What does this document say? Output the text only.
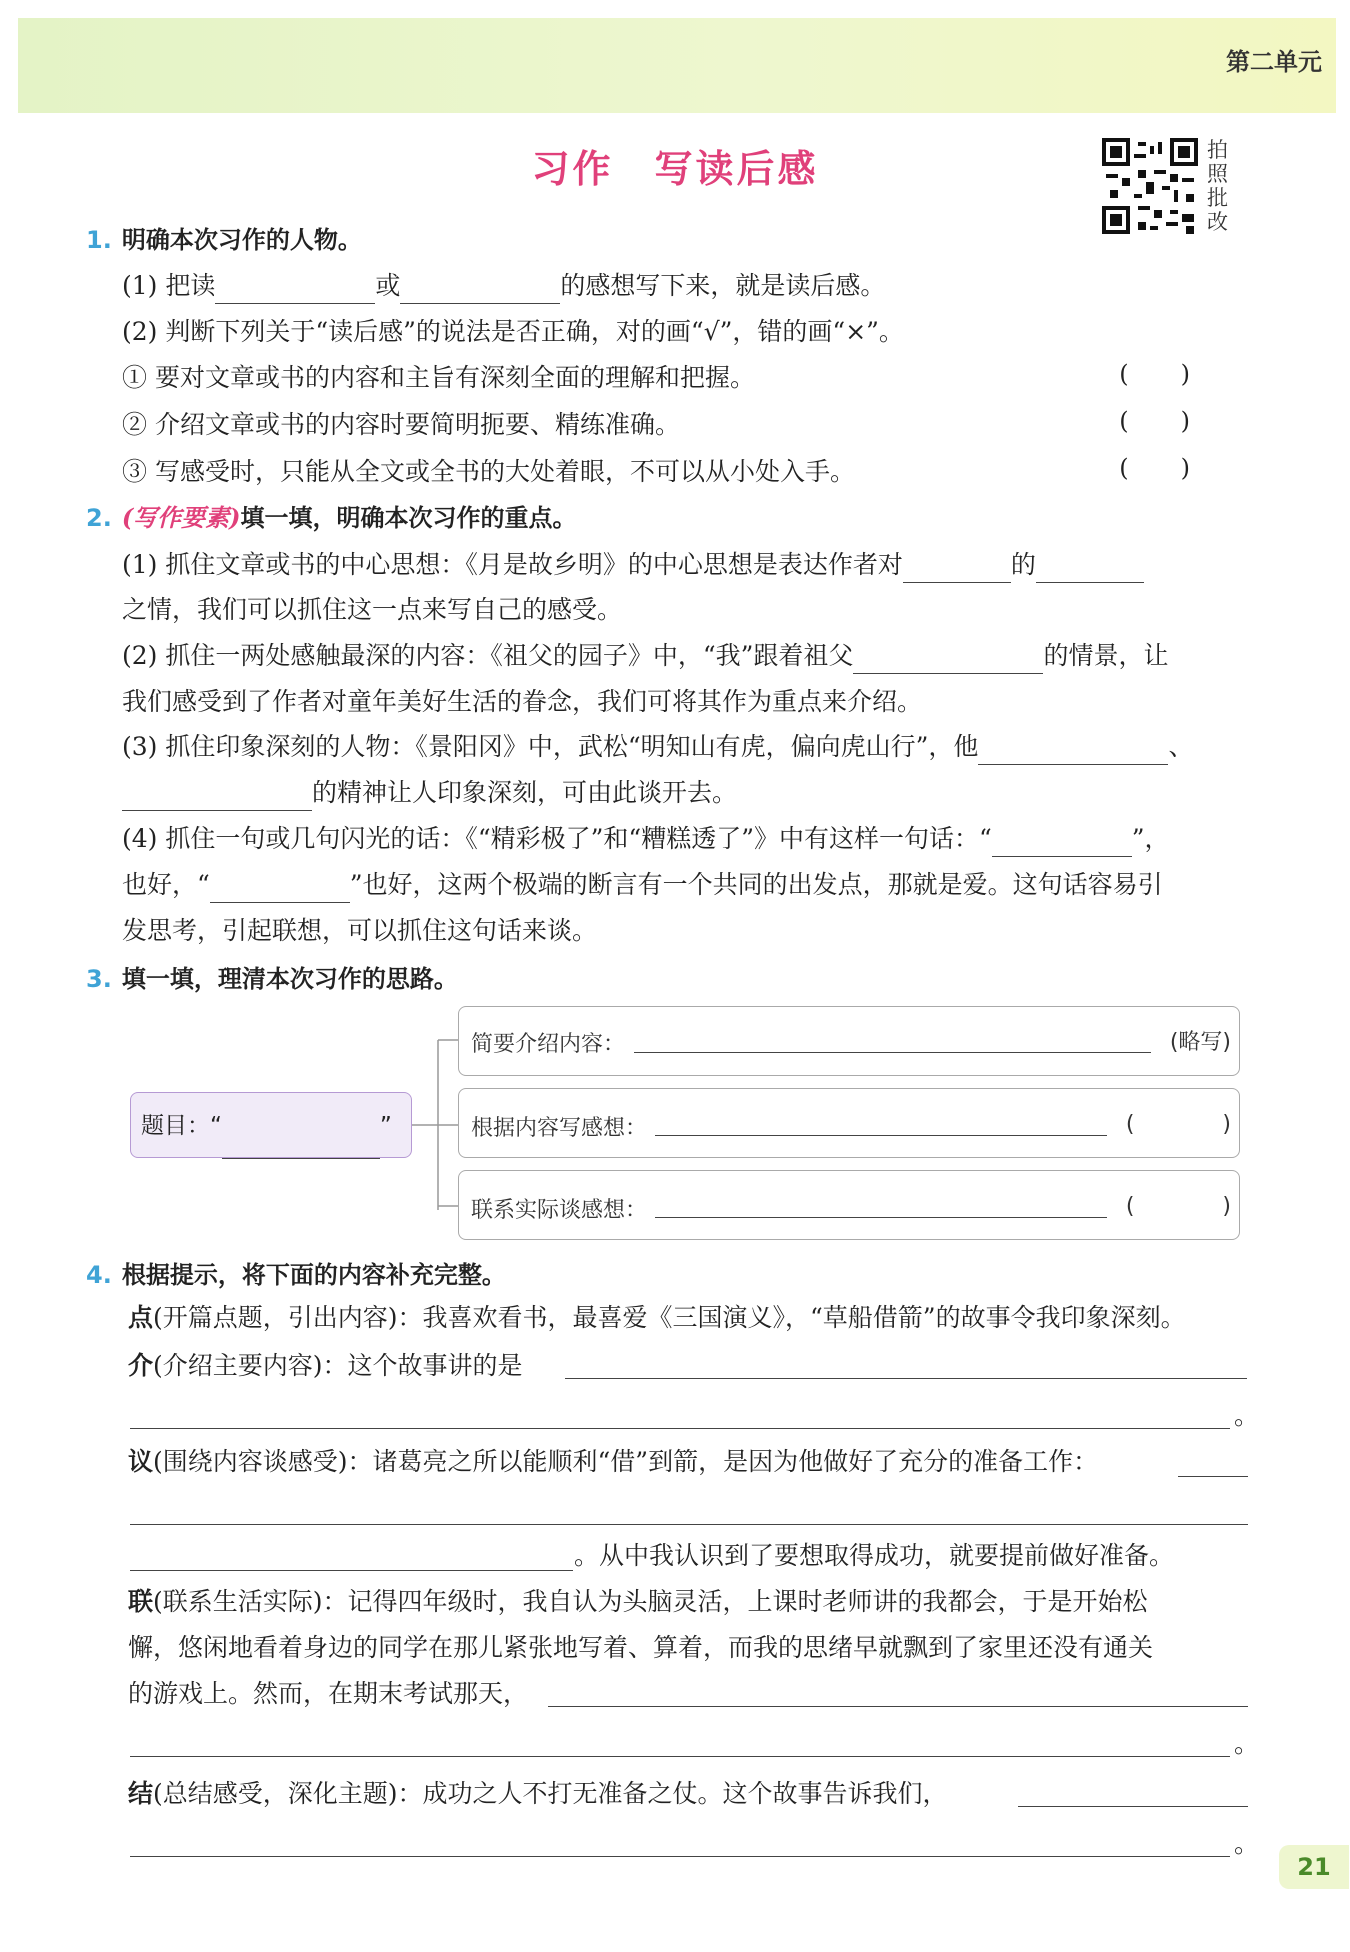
第二单元
习作　写读后感	拍
照
批
改
1. 明确本次习作的人物。
(1) 把读	或	的感想写下来，就是读后感。
(2) 判断下列关于“读后感”的说法是否正确，对的画“√”，错的画“×”。
① 要对文章或书的内容和主旨有深刻全面的理解和把握。	()
② 介绍文章或书的内容时要简明扼要、精练准确。	()
③ 写感受时，只能从全文或全书的大处着眼，不可以从小处入手。	()
2. (写作要素)填一填，明确本次习作的重点。
(1) 抓住文章或书的中心思想：《月是故乡明》的中心思想是表达作者对	的
之情，我们可以抓住这一点来写自己的感受。
(2) 抓住一两处感触最深的内容：《祖父的园子》中，“我”跟着祖父	的情景，让
我们感受到了作者对童年美好生活的眷念，我们可将其作为重点来介绍。
(3) 抓住印象深刻的人物：《景阳冈》中，武松“明知山有虎，偏向虎山行”，他	、
的精神让人印象深刻，可由此谈开去。
(4) 抓住一句或几句闪光的话：《“精彩极了”和“糟糕透了”》中有这样一句话：“	”，
也好，“	”也好，这两个极端的断言有一个共同的出发点，那就是爱。这句话容易引
发思考，引起联想，可以抓住这句话来谈。
3. 填一填，理清本次习作的思路。
题目：“	”
简要介绍内容：	(略写)
根据内容写感想：	(　　　　)
联系实际谈感想：	(　　　　)
4. 根据提示，将下面的内容补充完整。
点(开篇点题，引出内容)：我喜欢看书，最喜爱《三国演义》，“草船借箭”的故事令我印象深刻。
介(介绍主要内容)：这个故事讲的是
。
议(围绕内容谈感受)：诸葛亮之所以能顺利“借”到箭，是因为他做好了充分的准备工作：
。从中我认识到了要想取得成功，就要提前做好准备。
联(联系生活实际)：记得四年级时，我自认为头脑灵活，上课时老师讲的我都会，于是开始松
懈，悠闲地看着身边的同学在那儿紧张地写着、算着，而我的思绪早就飘到了家里还没有通关
的游戏上。然而，在期末考试那天，
。
结(总结感受，深化主题)：成功之人不打无准备之仗。这个故事告诉我们，
。
21
